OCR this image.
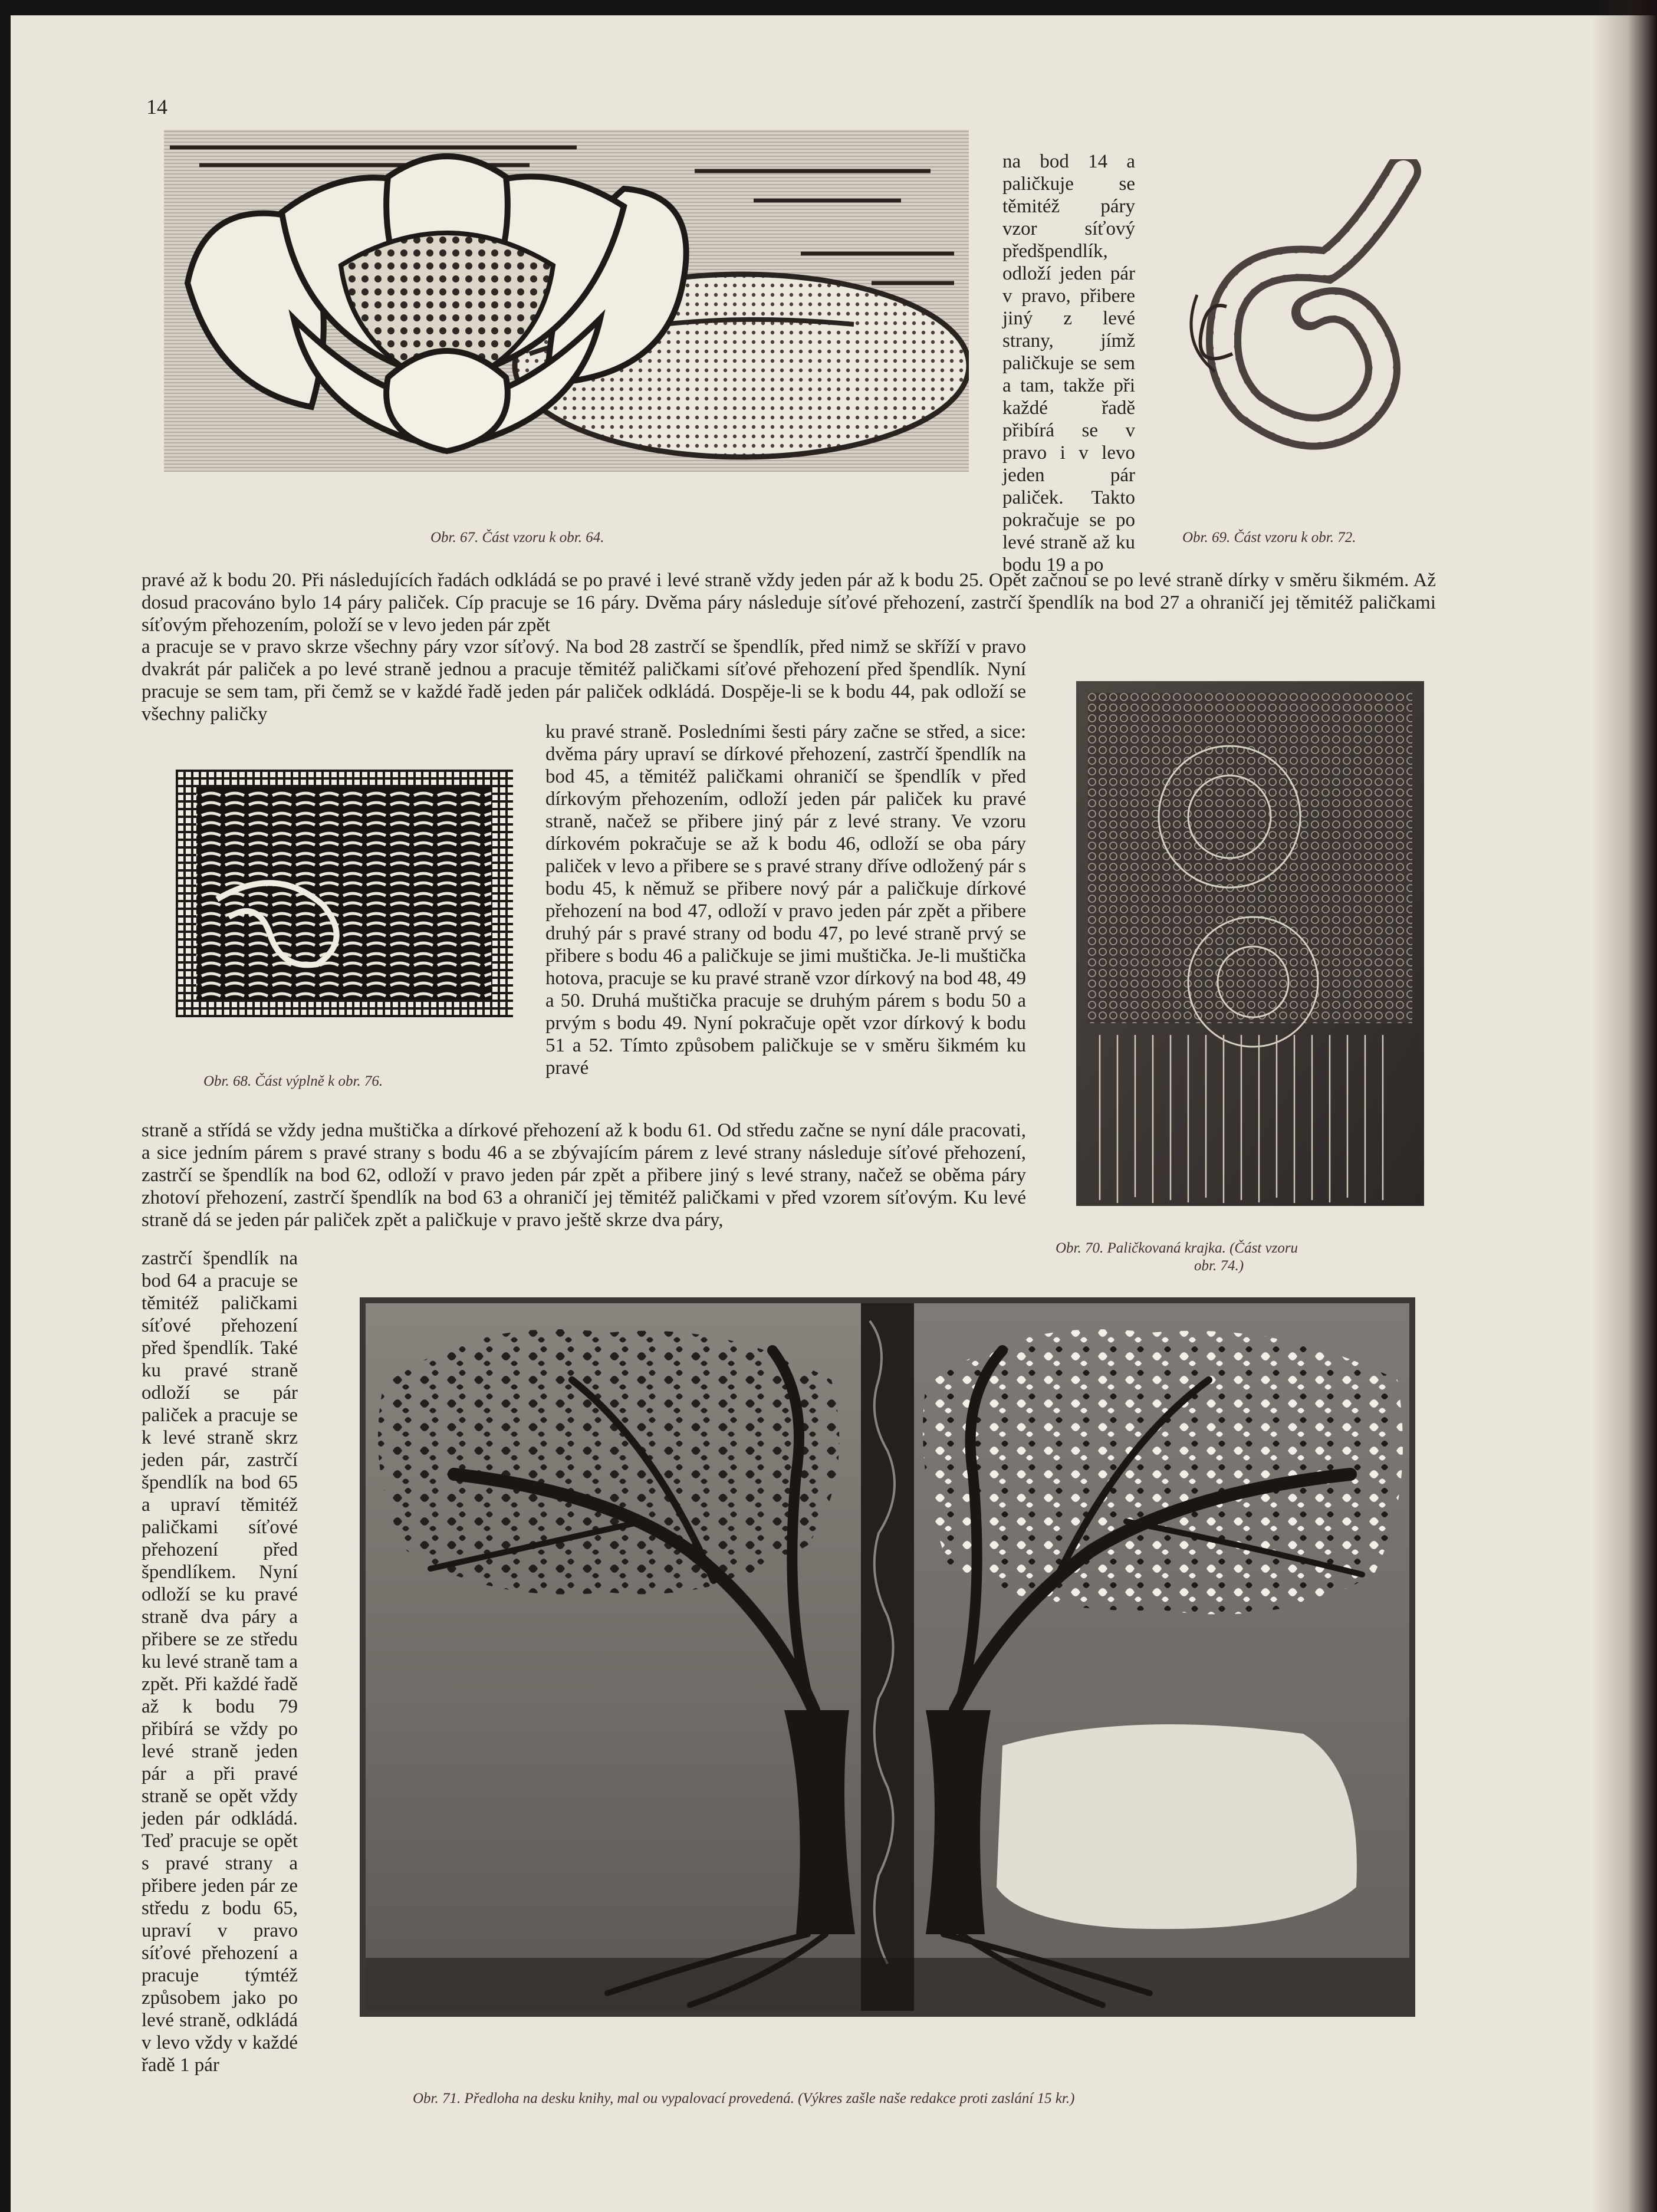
14

na bod 14 a paličkuje se těmitéž páry vzor síťový předšpendlík, odloží jeden pár v pravo, přibere jiný z levé strany, jímž paličkuje se sem a tam, takže při každé řadě přibírá se v pravo i v levo jeden pár paliček. Takto pokračuje se po levé straně až ku bodu 19 a po

Obr. 67. Část vzoru k obr. 64.	Obr. 69. Část vzoru k obr. 72.

pravé až k bodu 20. Při následujících řadách odkládá se po pravé i levé straně vždy jeden pár až k bodu 25. Opět začnou se po levé straně dírky v směru šikmém. Až dosud pracováno bylo 14 páry paliček. Cíp pracuje se 16 páry. Dvěma páry následuje síťové přehození, zastrčí špendlík na bod 27 a ohraničí jej těmitéž paličkami síťovým přehozením, položí se v levo jeden pár zpět

a pracuje se v pravo skrze všechny páry vzor síťový. Na bod 28 zastrčí se špendlík, před nimž se skříží v pravo dvakrát pár paliček a po levé straně jednou a pracuje těmitéž paličkami síťové přehození před špendlík. Nyní pracuje se sem tam, při čemž se v každé řadě jeden pár paliček odkládá. Dospěje-li se k bodu 44, pak odloží se všechny paličky

ku pravé straně. Posledními šesti páry začne se střed, a sice: dvěma páry upraví se dírkové přehození, zastrčí špendlík na bod 45, a těmitéž paličkami ohraničí se špendlík v před dírkovým přehozením, odloží jeden pár paliček ku pravé straně, načež se přibere jiný pár z levé strany. Ve vzoru dírkovém pokračuje se až k bodu 46, odloží se oba páry paliček v levo a přibere se s pravé strany dříve odložený pár s bodu 45, k němuž se přibere nový pár a paličkuje dírkové přehození na bod 47, odloží v pravo jeden pár zpět a přibere druhý pár s pravé strany od bodu 47, po levé straně prvý se přibere s bodu 46 a paličkuje se jimi muštička. Je-li muštička hotova, pracuje se ku pravé straně vzor dírkový na bod 48, 49 a 50. Druhá muštička pracuje se druhým párem s bodu 50 a prvým s bodu 49. Nyní pokračuje opět vzor dírkový k bodu 51 a 52. Tímto způsobem paličkuje se v směru šikmém ku pravé

Obr. 68. Část výplně k obr. 76.
Obr. 70. Paličkovaná krajka. (Část vzoru
obr. 74.)

straně a střídá se vždy jedna muštička a dírkové přehození až k bodu 61. Od středu začne se nyní dále pracovati, a sice jedním párem s pravé strany s bodu 46 a se zbývajícím párem z levé strany následuje síťové přehození, zastrčí se špendlík na bod 62, odloží v pravo jeden pár zpět a přibere jiný s levé strany, načež se oběma páry zhotoví přehození, zastrčí špendlík na bod 63 a ohraničí jej těmitéž paličkami v před vzorem síťovým. Ku levé straně dá se jeden pár paliček zpět a paličkuje v pravo ještě skrze dva páry,

zastrčí špendlík na bod 64 a pracuje se těmitéž paličkami síťové přehození před špendlík. Také ku pravé straně odloží se pár paliček a pracuje se k levé straně skrz jeden pár, zastrčí špendlík na bod 65 a upraví těmitéž paličkami síťové přehození před špendlíkem. Nyní odloží se ku pravé straně dva páry a přibere se ze středu ku levé straně tam a zpět. Při každé řadě až k bodu 79 přibírá se vždy po levé straně jeden pár a při pravé straně se opět vždy jeden pár odkládá. Teď pracuje se opět s pravé strany a přibere jeden pár ze středu z bodu 65, upraví v pravo síťové přehození a pracuje týmtéž způsobem jako po levé straně, odkládá v levo vždy v každé řadě 1 pár

Obr. 71. Předloha na desku knihy, mal ou vypalovací provedená. (Výkres zašle naše redakce proti zaslání 15 kr.)
